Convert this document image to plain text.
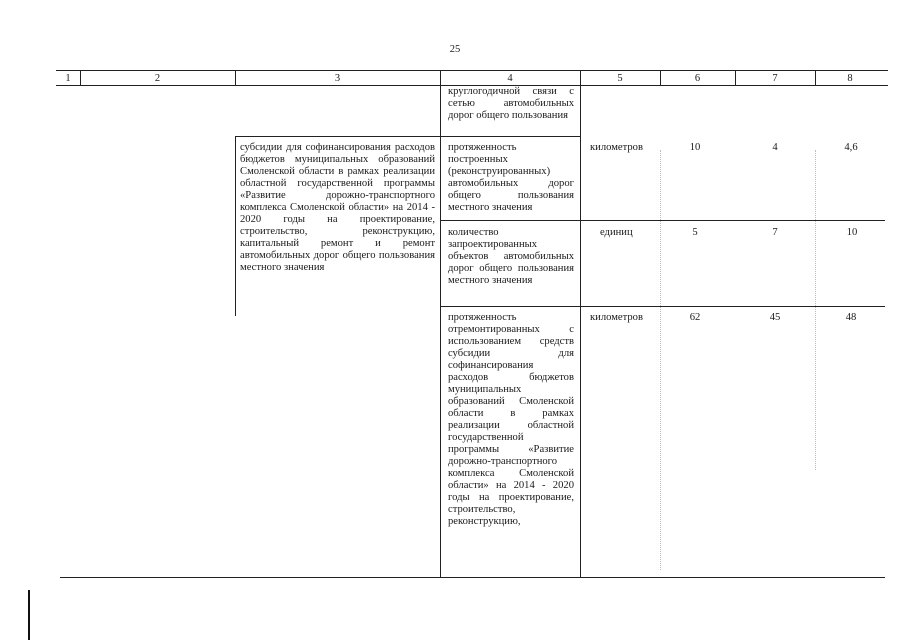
25
1	2	3	4	5	6	7	8
круглогодичной связи с сетью автомобильных дорог общего пользования
субсидии для софинансирования расходов бюджетов муниципальных образований Смоленской области в рамках реализации областной государственной программы «Развитие дорожно-транспортного комплекса Смоленской области» на 2014 - 2020 годы на проектирование, строительство, реконструкцию, капитальный ремонт и ремонт автомобильных дорог общего пользования местного значения
протяженность построенных (реконструированных) автомобильных дорог общего пользования местного значения
километров	10	4	4,6
количество запроектированных объектов автомобильных дорог общего пользования местного значения
единиц	5	7	10
протяженность отремонтированных с использованием средств субсидии для софинансирования расходов бюджетов муниципальных образований Смоленской области в рамках реализации областной государственной программы «Развитие дорожно-транспортного комплекса Смоленской области» на 2014 - 2020 годы на проектирование, строительство, реконструкцию,
километров	62	45	48
